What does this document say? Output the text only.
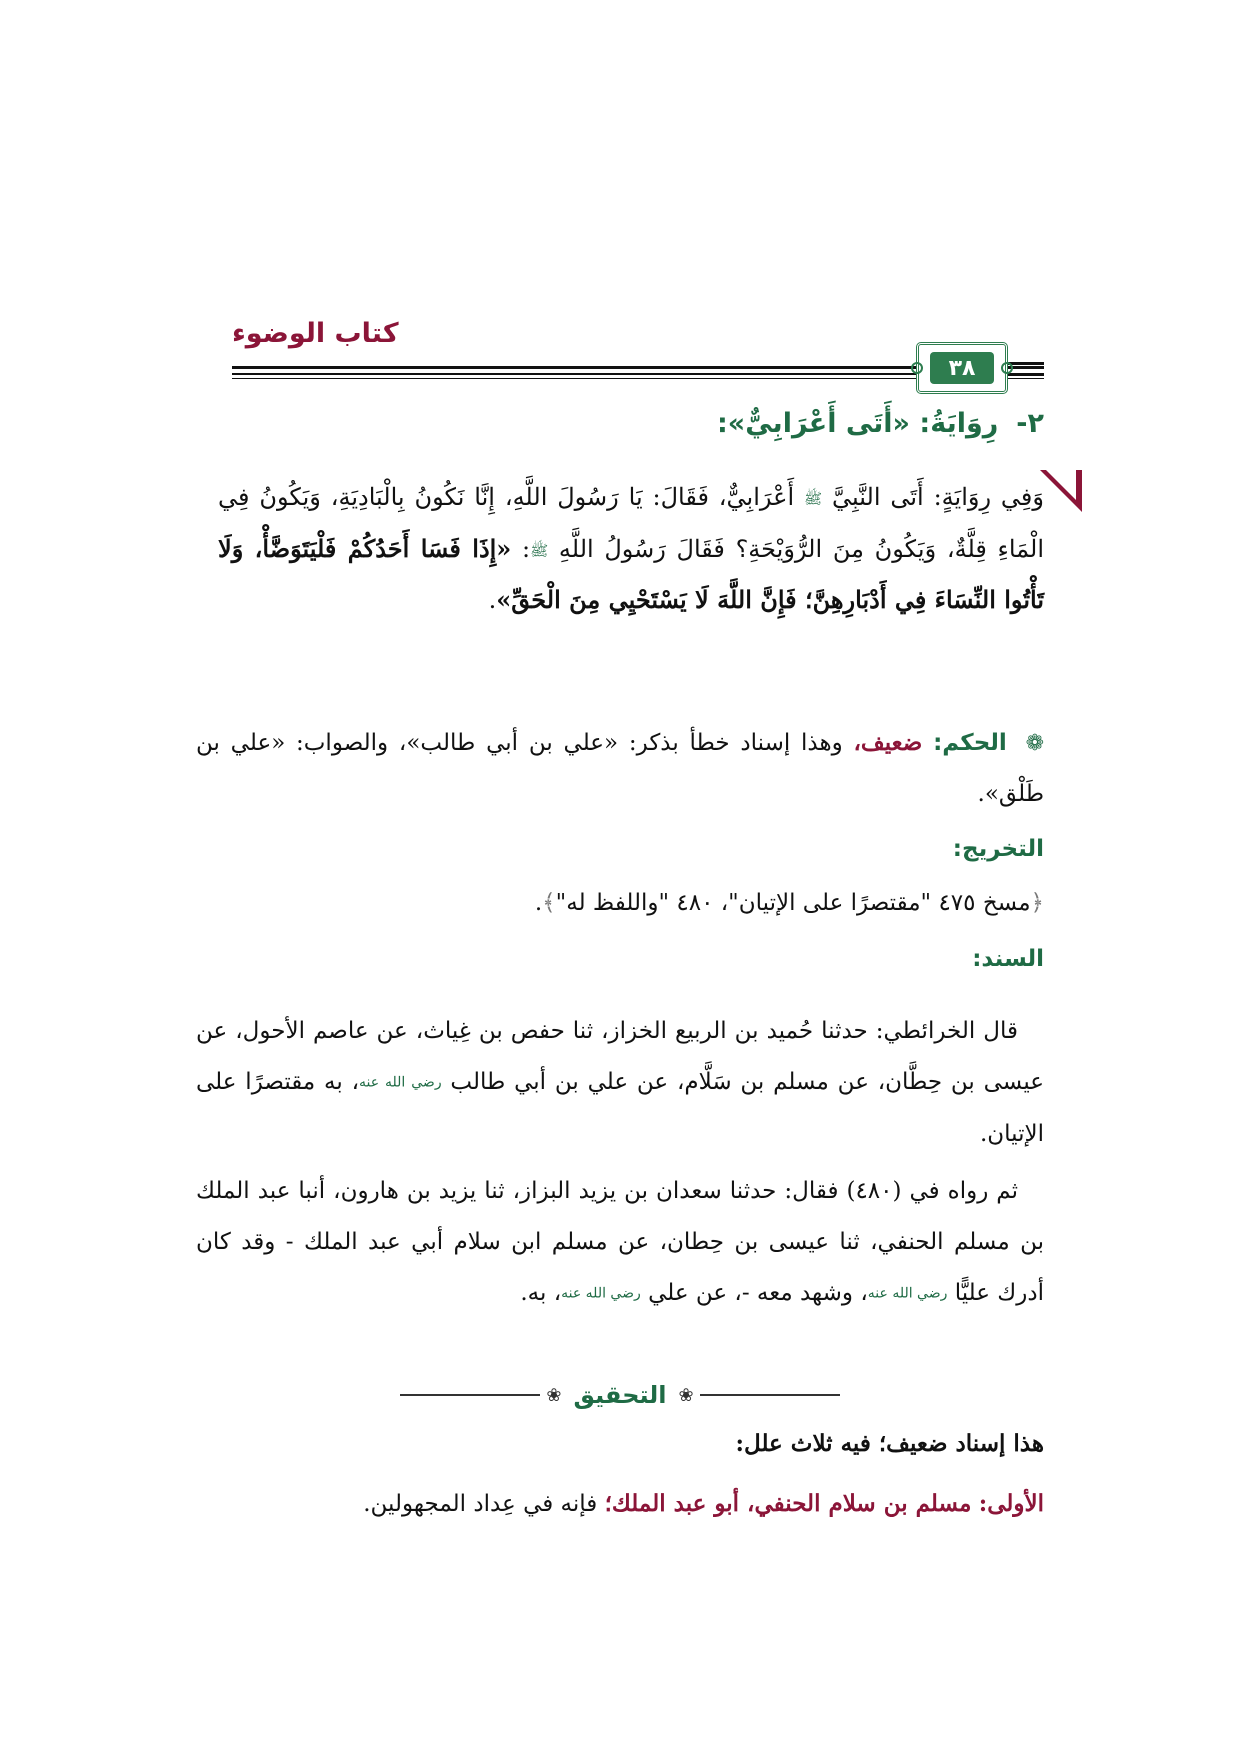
كتاب الوضوء
٣٨
٢-رِوَايَةُ: «أَتَى أَعْرَابِيٌّ»:
وَفِي رِوَايَةٍ: أَتَى النَّبِيَّ ﷺ أَعْرَابِيٌّ، فَقَالَ: يَا رَسُولَ اللَّهِ، إِنَّا نَكُونُ بِالْبَادِيَةِ، وَيَكُونُ فِي الْمَاءِ قِلَّةٌ، وَيَكُونُ مِنَ الرُّوَيْحَةِ؟ فَقَالَ رَسُولُ اللَّهِ ﷺ: «إِذَا فَسَا أَحَدُكُمْ فَلْيَتَوَضَّأْ، وَلَا تَأْتُوا النِّسَاءَ فِي أَدْبَارِهِنَّ؛ فَإِنَّ اللَّهَ لَا يَسْتَحْيِي مِنَ الْحَقِّ».
❁ الحكم: ضعيف، وهذا إسناد خطأ بذكر: «علي بن أبي طالب»، والصواب: «علي بن طَلْق».
التخريج:
﴿مسخ ٤٧٥ "مقتصرًا على الإتيان"، ٤٨٠ "واللفظ له"﴾.
السند:

قال الخرائطي: حدثنا حُميد بن الربيع الخزاز، ثنا حفص بن غِياث، عن عاصم الأحول، عن عيسى بن حِطَّان، عن مسلم بن سَلَّام، عن علي بن أبي طالب رضي الله عنه، به مقتصرًا على الإتيان.

ثم رواه في (٤٨٠) فقال: حدثنا سعدان بن يزيد البزاز، ثنا يزيد بن هارون، أنبا عبد الملك بن مسلم الحنفي، ثنا عيسى بن حِطان، عن مسلم ابن سلام أبي عبد الملك - وقد كان أدرك عليًّا رضي الله عنه، وشهد معه -، عن علي رضي الله عنه، به.

❀ التحقيق ❀
هذا إسناد ضعيف؛ فيه ثلاث علل:
الأولى: مسلم بن سلام الحنفي، أبو عبد الملك؛ فإنه في عِداد المجهولين.
